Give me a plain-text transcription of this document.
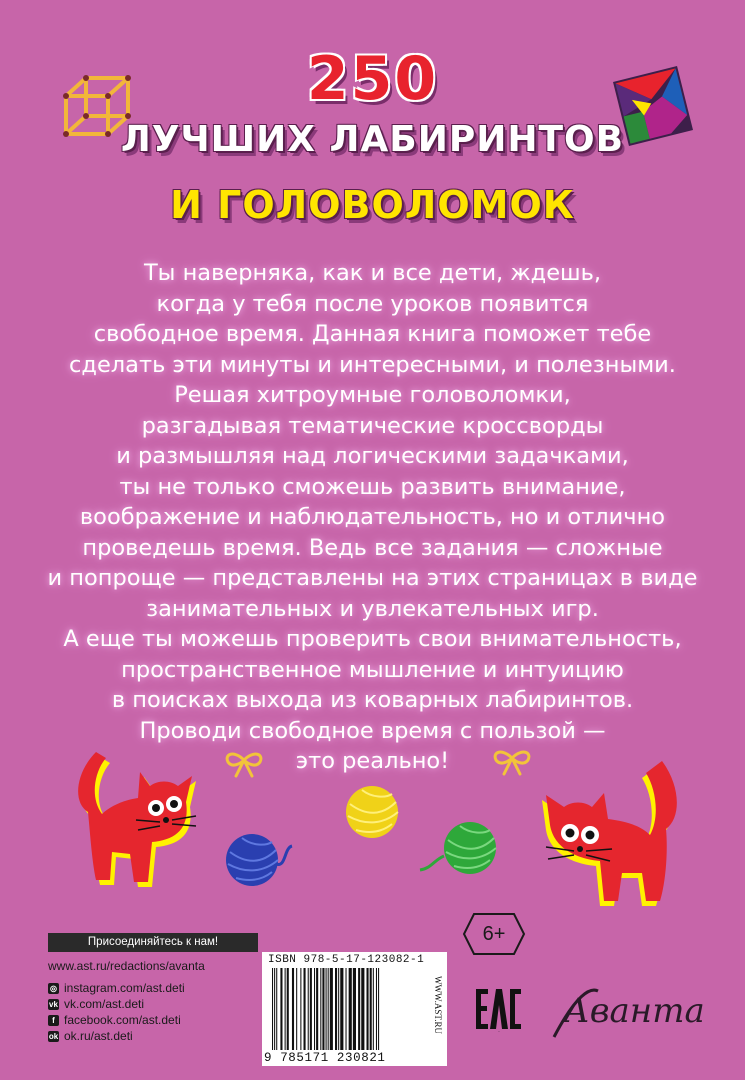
250
ЛУЧШИХ ЛАБИРИНТОВ
И ГОЛОВОЛОМОК
Ты наверняка, как и все дети, ждешь,
когда у тебя после уроков появится
свободное время. Данная книга поможет тебе
сделать эти минуты и интересными, и полезными.
Решая хитроумные головоломки,
разгадывая тематические кроссворды
и размышляя над логическими задачками,
ты не только сможешь развить внимание,
воображение и наблюдательность, но и отлично
проведешь время. Ведь все задания — сложные
и попроще — представлены на этих страницах в виде
занимательных и увлекательных игр.
А еще ты можешь проверить свои внимательность,
пространственное мышление и интуицию
в поисках выхода из коварных лабиринтов.
Проводи свободное время с пользой —
это реально!
Присоединяйтесь к нам!
www.ast.ru/redactions/avanta
◎ instagram.com/ast.deti
vk vk.com/ast.deti
f facebook.com/ast.deti
ok ok.ru/ast.deti
6+
ISBN 978-5-17-123082-1
9 785171 230821
WWW.AST.RU	EAC
Аванта
